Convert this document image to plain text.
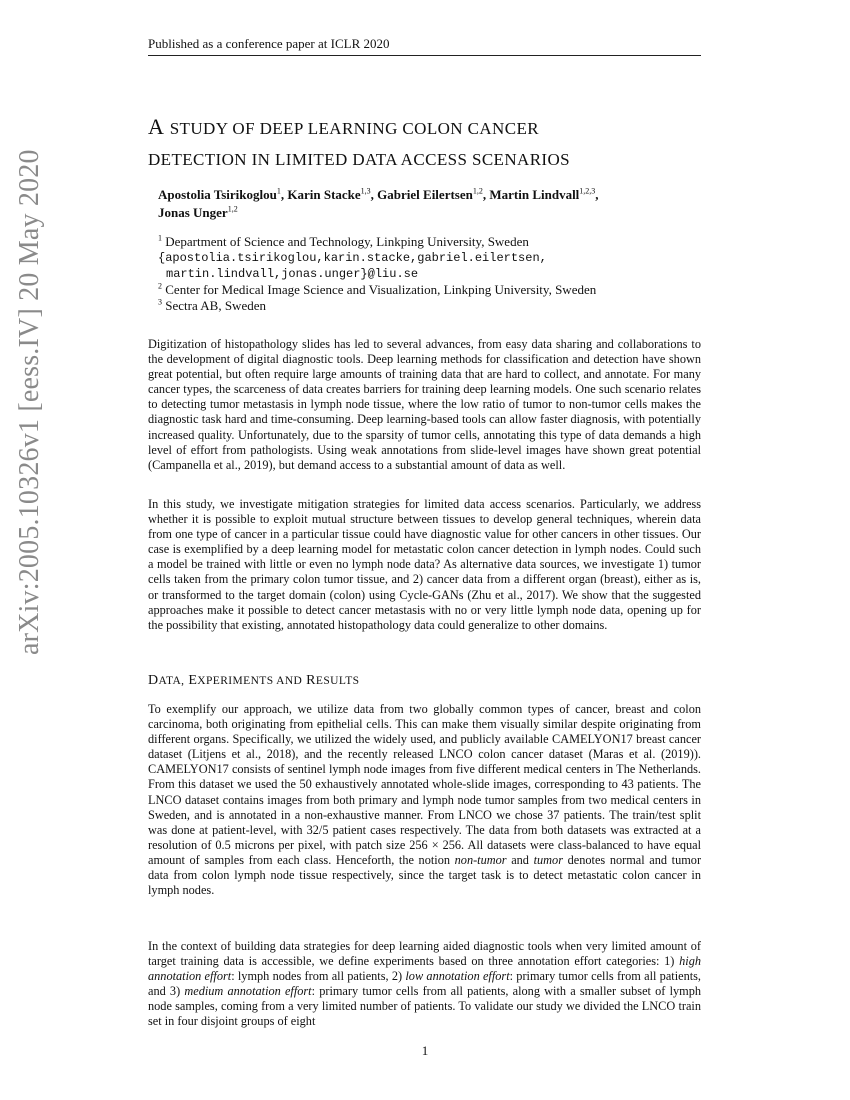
Published as a conference paper at ICLR 2020
arXiv:2005.10326v1 [eess.IV] 20 May 2020
A STUDY OF DEEP LEARNING COLON CANCER
DETECTION IN LIMITED DATA ACCESS SCENARIOS
Apostolia Tsirikoglou$^1$, Karin Stacke$^{1,3}$, Gabriel Eilertsen$^{1,2}$, Martin Lindvall$^{1,2,3}$,
Jonas Unger$^{1,2}$
$^1$ Department of Science and Technology, Linkping University, Sweden
{apostolia.tsirikoglou,karin.stacke,gabriel.eilertsen,
martin.lindvall,jonas.unger}@liu.se
$^2$ Center for Medical Image Science and Visualization, Linkping University, Sweden
$^3$ Sectra AB, Sweden

Digitization of histopathology slides has led to several advances, from easy data sharing and collaborations to the development of digital diagnostic tools. Deep learning methods for classification and detection have shown great potential, but often require large amounts of training data that are hard to collect, and annotate. For many cancer types, the scarceness of data creates barriers for training deep learning models. One such scenario relates to detecting tumor metastasis in lymph node tissue, where the low ratio of tumor to non-tumor cells makes the diagnostic task hard and time-consuming. Deep learning-based tools can allow faster diagnosis, with potentially increased quality. Unfortunately, due to the sparsity of tumor cells, annotating this type of data demands a high level of effort from pathologists. Using weak annotations from slide-level images have shown great potential (Campanella et al., 2019), but demand access to a substantial amount of data as well.

In this study, we investigate mitigation strategies for limited data access scenarios. Particularly, we address whether it is possible to exploit mutual structure between tissues to develop general techniques, wherein data from one type of cancer in a particular tissue could have diagnostic value for other cancers in other tissues. Our case is exemplified by a deep learning model for metastatic colon cancer detection in lymph nodes. Could such a model be trained with little or even no lymph node data? As alternative data sources, we investigate 1) tumor cells taken from the primary colon tumor tissue, and 2) cancer data from a different organ (breast), either as is, or transformed to the target domain (colon) using Cycle-GANs (Zhu et al., 2017). We show that the suggested approaches make it possible to detect cancer metastasis with no or very little lymph node data, opening up for the possibility that existing, annotated histopathology data could generalize to other domains.

DATA, EXPERIMENTS AND RESULTS

To exemplify our approach, we utilize data from two globally common types of cancer, breast and colon carcinoma, both originating from epithelial cells. This can make them visually similar despite originating from different organs. Specifically, we utilized the widely used, and publicly available CAMELYON17 breast cancer dataset (Litjens et al., 2018), and the recently released LNCO colon cancer dataset (Maras et al. (2019)). CAMELYON17 consists of sentinel lymph node images from five different medical centers in The Netherlands. From this dataset we used the 50 exhaustively annotated whole-slide images, corresponding to 43 patients. The LNCO dataset contains images from both primary and lymph node tumor samples from two medical centers in Sweden, and is annotated in a non-exhaustive manner. From LNCO we chose 37 patients. The train/test split was done at patient-level, with 32/5 patient cases respectively. The data from both datasets was extracted at a resolution of 0.5 microns per pixel, with patch size 256 × 256. All datasets were class-balanced to have equal amount of samples from each class. Henceforth, the notion non-tumor and tumor denotes normal and tumor data from colon lymph node tissue respectively, since the target task is to detect metastatic colon cancer in lymph nodes.

In the context of building data strategies for deep learning aided diagnostic tools when very limited amount of target training data is accessible, we define experiments based on three annotation effort categories: 1) high annotation effort: lymph nodes from all patients, 2) low annotation effort: primary tumor cells from all patients, and 3) medium annotation effort: primary tumor cells from all patients, along with a smaller subset of lymph node samples, coming from a very limited number of patients. To validate our study we divided the LNCO train set in four disjoint groups of eight

1
